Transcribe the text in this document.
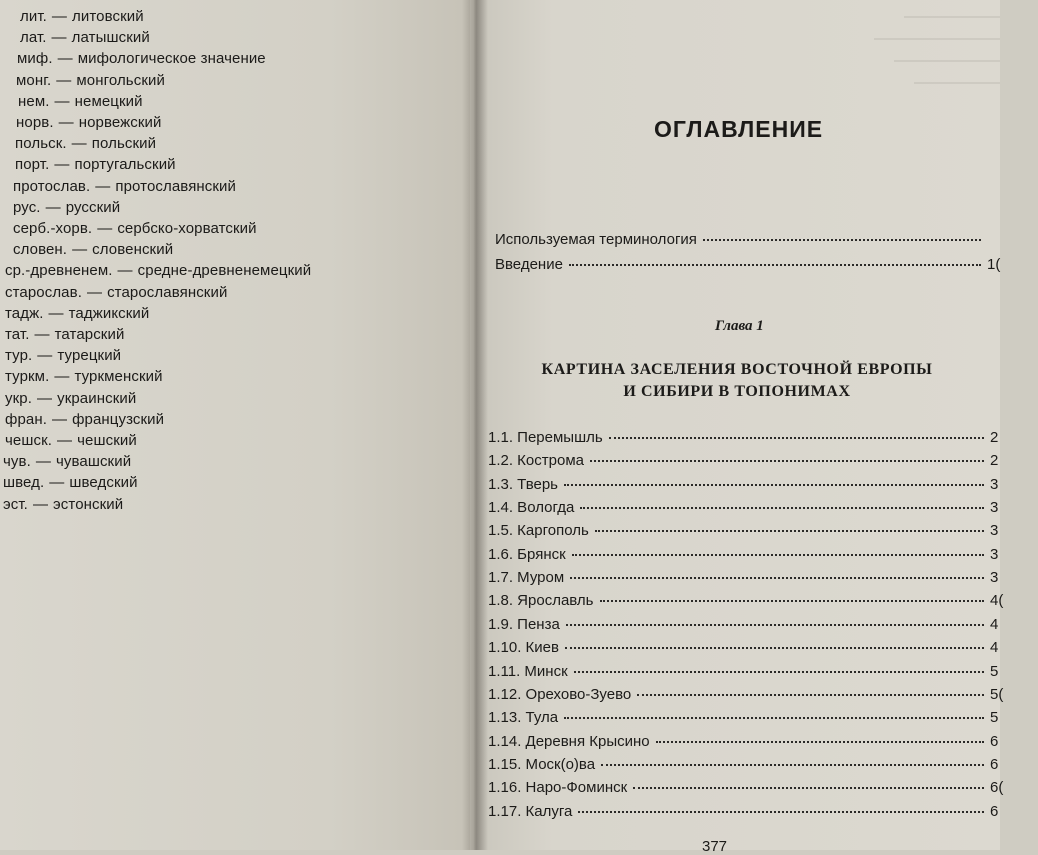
лит. — литовский
лат. — латышский
миф. — мифологическое значение
монг. — монгольский
нем. — немецкий
норв. — норвежский
польск. — польский
порт. — португальский
протослав. — протославянский
рус. — русский
серб.-хорв. — сербско-хорватский
словен. — словенский
ср.-древненем. — средне-древненемецкий
старослав. — старославянский
тадж. — таджикский
тат. — татарский
тур. — турецкий
туркм. — туркменский
укр. — украинский
фран. — французский
чешск. — чешский
чув. — чувашский
швед. — шведский
эст. — эстонский
ОГЛАВЛЕНИЕ
Используемая терминология
Введение	1(
Глава 1
КАРТИНА ЗАСЕЛЕНИЯ ВОСТОЧНОЙ ЕВРОПЫ
И СИБИРИ В ТОПОНИМАХ
1.1. Перемышль	2
1.2. Кострома	2
1.3. Тверь	3
1.4. Вологда	3
1.5. Каргополь	3
1.6. Брянск	3
1.7. Муром	3
1.8. Ярославль	4(
1.9. Пенза	4
1.10. Киев	4
1.11. Минск	5
1.12. Орехово-Зуево	5(
1.13. Тула	5
1.14. Деревня Крысино	6
1.15. Моск(о)ва	6
1.16. Наро-Фоминск	6(
1.17. Калуга	6
377
